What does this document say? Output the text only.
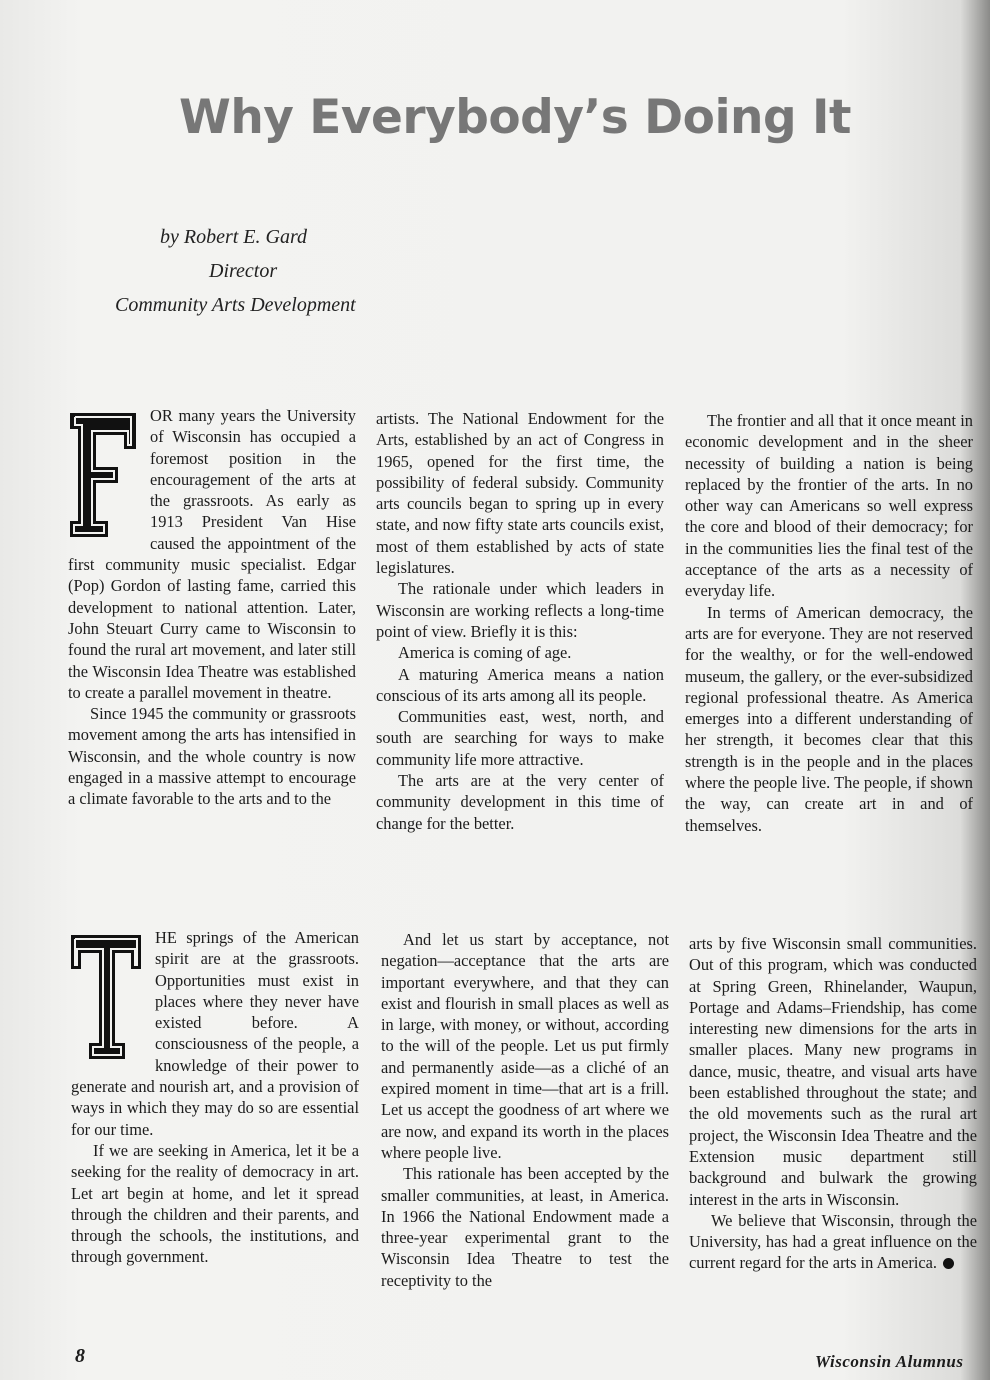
Why Everybody’s Doing It
by Robert E. Gard
Director
Community Arts Development

OR many years the University of Wisconsin has occupied a foremost position in the encouragement of the arts at the grassroots. As early as 1913 President Van Hise caused the appointment of the first community music specialist. Edgar (Pop) Gordon of lasting fame, carried this development to national attention. Later, John Steuart Curry came to Wisconsin to found the rural art movement, and later still the Wisconsin Idea Theatre was established to create a parallel movement in theatre.

Since 1945 the community or grassroots movement among the arts has intensified in Wisconsin, and the whole country is now engaged in a massive attempt to encourage a climate favorable to the arts and to the

artists. The National Endowment for the Arts, established by an act of Congress in 1965, opened for the first time, the possibility of federal subsidy. Community arts councils began to spring up in every state, and now fifty state arts councils exist, most of them established by acts of state legislatures.

The rationale under which leaders in Wisconsin are working reflects a long-time point of view. Briefly it is this:

America is coming of age.

A maturing America means a nation conscious of its arts among all its people.

Communities east, west, north, and south are searching for ways to make community life more attractive.

The arts are at the very center of community development in this time of change for the better.

The frontier and all that it once meant in economic development and in the sheer necessity of building a nation is being replaced by the frontier of the arts. In no other way can Americans so well express the core and blood of their democracy; for in the communities lies the final test of the acceptance of the arts as a necessity of everyday life.

In terms of American democracy, the arts are for everyone. They are not reserved for the wealthy, or for the well-endowed museum, the gallery, or the ever-subsidized regional professional theatre. As America emerges into a different understanding of her strength, it becomes clear that this strength is in the people and in the places where the people live. The people, if shown the way, can create art in and of themselves.

HE springs of the American spirit are at the grassroots. Opportunities must exist in places where they never have existed before. A consciousness of the people, a knowledge of their power to generate and nourish art, and a provision of ways in which they may do so are essential for our time.

If we are seeking in America, let it be a seeking for the reality of democracy in art. Let art begin at home, and let it spread through the children and their parents, and through the schools, the institutions, and through government.

And let us start by acceptance, not negation—acceptance that the arts are important everywhere, and that they can exist and flourish in small places as well as in large, with money, or without, according to the will of the people. Let us put firmly and permanently aside—as a cliché of an expired moment in time—that art is a frill. Let us accept the goodness of art where we are now, and expand its worth in the places where people live.

This rationale has been accepted by the smaller communities, at least, in America. In 1966 the National Endowment made a three-year experimental grant to the Wisconsin Idea Theatre to test the receptivity to the

arts by five Wisconsin small communities. Out of this program, which was conducted at Spring Green, Rhinelander, Waupun, Portage and Adams–Friendship, has come interesting new dimensions for the arts in smaller places. Many new programs in dance, music, theatre, and visual arts have been established throughout the state; and the old movements such as the rural art project, the Wisconsin Idea Theatre and the Extension music department still background and bulwark the growing interest in the arts in Wisconsin.

We believe that Wisconsin, through the University, has had a great influence on the current regard for the arts in America.

8	Wisconsin Alumnus
